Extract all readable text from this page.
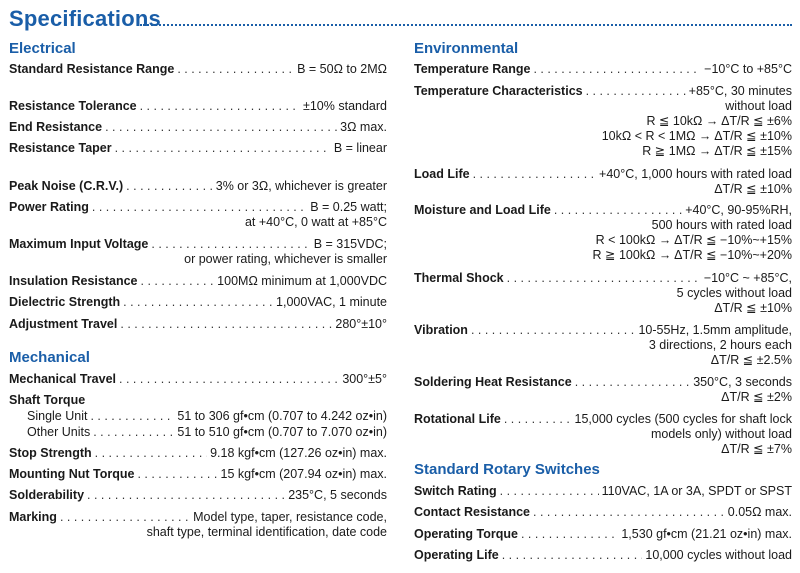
Specifications
Electrical
Standard Resistance Range . . .	B = 50Ω to 2MΩ
Resistance Tolerance . . .	±10% standard
End Resistance . . .	3Ω max.
Resistance Taper . . .	B = linear
Peak Noise (C.R.V.) . . .	3% or 3Ω, whichever is greater
Power Rating . . .	B = 0.25 watt;
at +40°C, 0 watt at +85°C
Maximum Input Voltage . . .	B = 315VDC;
or power rating, whichever is smaller
Insulation Resistance . . .	100MΩ minimum at 1,000VDC
Dielectric Strength . . .	1,000VAC, 1 minute
Adjustment Travel . . .	280°±10°
Mechanical
Mechanical Travel . . .	300°±5°
Shaft Torque
Single Unit . . .	51 to 306 gf•cm (0.707 to 4.242 oz•in)
Other Units . . .	51 to 510 gf•cm (0.707 to 7.070 oz•in)
Stop Strength . . .	9.18 kgf•cm (127.26 oz•in) max.
Mounting Nut Torque . . .	15 kgf•cm (207.94 oz•in) max.
Solderability . . .	235°C, 5 seconds
Marking . . .	Model type, taper, resistance code,
shaft type, terminal identification, date code
Environmental
Temperature Range . . .	−10°C to +85°C
Temperature Characteristics . . .	+85°C, 30 minutes
without load
R ≦ 10kΩ → ΔT/R ≦ ±6%
10kΩ < R < 1MΩ → ΔT/R ≦ ±10%
R ≧ 1MΩ → ΔT/R ≦ ±15%
Load Life . . .	+40°C, 1,000 hours with rated load
ΔT/R ≦ ±10%
Moisture and Load Life . . .	+40°C, 90-95%RH,
500 hours with rated load
R < 100kΩ → ΔT/R ≦ −10%~+15%
R ≧ 100kΩ → ΔT/R ≦ −10%~+20%
Thermal Shock . . .	−10°C ~ +85°C,
5 cycles without load
ΔT/R ≦ ±10%
Vibration . . .	10-55Hz, 1.5mm amplitude,
3 directions, 2 hours each
ΔT/R ≦ ±2.5%
Soldering Heat Resistance . . .	350°C, 3 seconds
ΔT/R ≦ ±2%
Rotational Life . . .	15,000 cycles (500 cycles for shaft lock
models only) without load
ΔT/R ≦ ±7%
Standard Rotary Switches
Switch Rating . . .	110VAC, 1A or 3A, SPDT or SPST
Contact Resistance . . .	0.05Ω max.
Operating Torque . . .	1,530 gf•cm (21.21 oz•in) max.
Operating Life . . .	10,000 cycles without load
